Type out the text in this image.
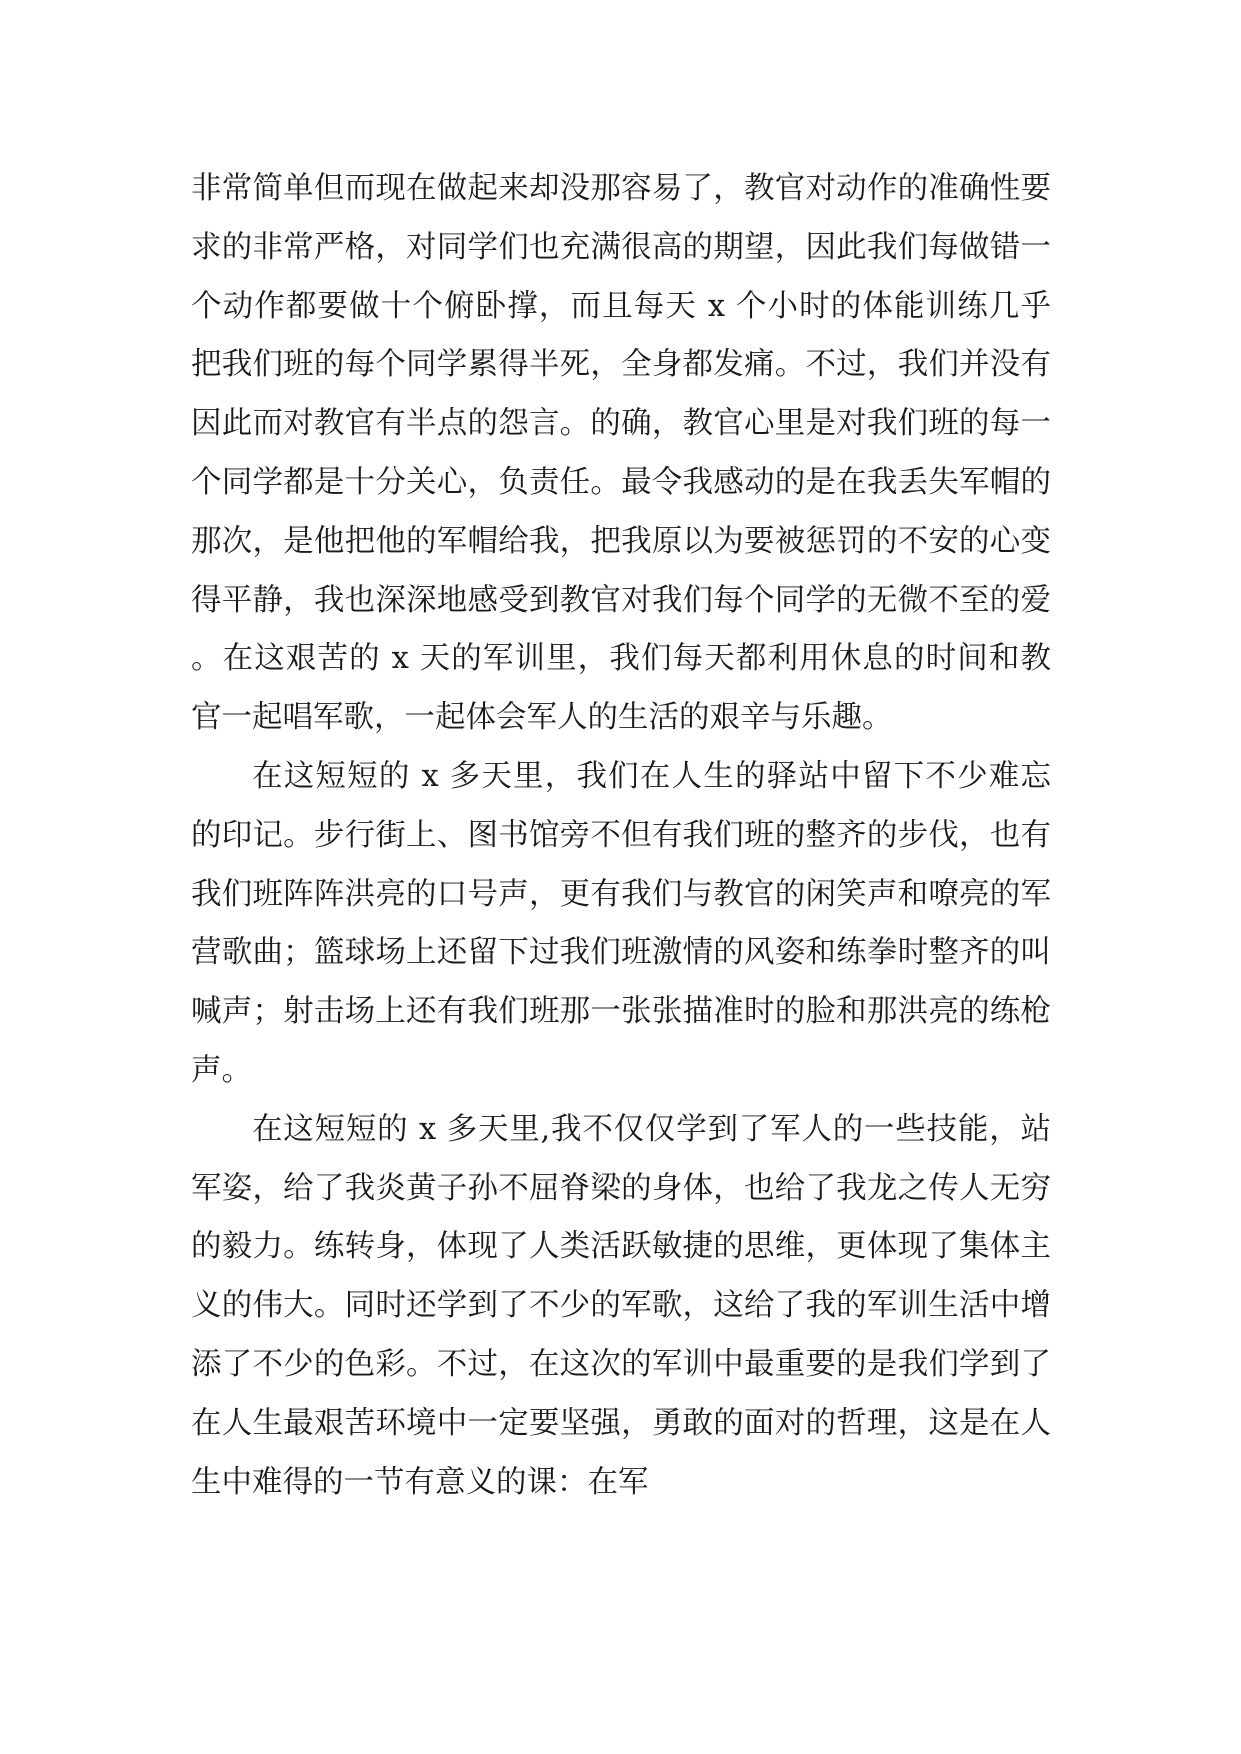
非常简单但而现在做起来却没那容易了，教官对动作的准确性要求的非常严格，对同学们也充满很高的期望，因此我们每做错一个动作都要做十个俯卧撑，而且每天 x 个小时的体能训练几乎把我们班的每个同学累得半死，全身都发痛。不过，我们并没有因此而对教官有半点的怨言。的确，教官心里是对我们班的每一个同学都是十分关心，负责任。最令我感动的是在我丢失军帽的那次，是他把他的军帽给我，把我原以为要被惩罚的不安的心变得平静，我也深深地感受到教官对我们每个同学的无微不至的爱。在这艰苦的 x 天的军训里，我们每天都利用休息的时间和教官一起唱军歌，一起体会军人的生活的艰辛与乐趣。

在这短短的 x 多天里，我们在人生的驿站中留下不少难忘的印记。步行街上、图书馆旁不但有我们班的整齐的步伐，也有我们班阵阵洪亮的口号声，更有我们与教官的闲笑声和嘹亮的军营歌曲；篮球场上还留下过我们班激情的风姿和练拳时整齐的叫喊声；射击场上还有我们班那一张张描准时的脸和那洪亮的练枪声。

在这短短的 x 多天里,我不仅仅学到了军人的一些技能，站军姿，给了我炎黄子孙不屈脊梁的身体，也给了我龙之传人无穷的毅力。练转身，体现了人类活跃敏捷的思维，更体现了集体主义的伟大。同时还学到了不少的军歌，这给了我的军训生活中增添了不少的色彩。不过，在这次的军训中最重要的是我们学到了在人生最艰苦环境中一定要坚强，勇敢的面对的哲理，这是在人生中难得的一节有意义的课：在军
